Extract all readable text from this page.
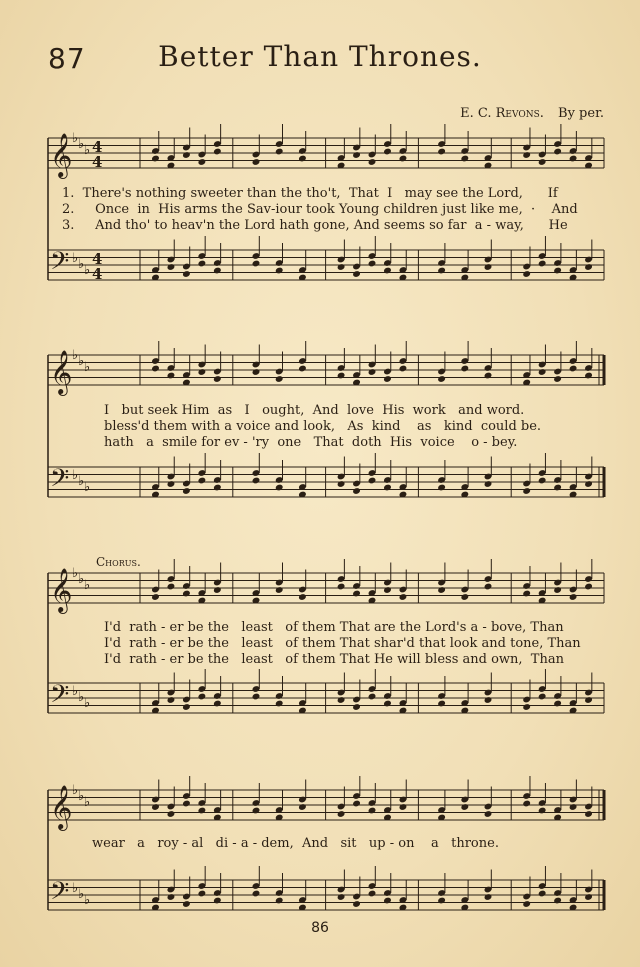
87	Better Than Thrones.
E. C. Revons. By per.
𝄞
𝄢
♭
♭
♭
♭
♭
♭
4
4
4
4
𝄞
𝄢
♭
♭
♭
♭
♭
♭
𝄞
𝄢
♭
♭
♭
♭
♭
♭
𝄞
𝄢
♭
♭
♭
♭
♭
♭
1.  There's nothing sweeter than the tho't,  That  I   may see the Lord,      If
2.     Once  in  His arms the Sav-iour took Young children just like me,  ·    And
3.     And tho' to heav'n the Lord hath gone, And seems so far  a - way,      He
I   but seek Him  as   I   ought,  And  love  His  work   and word.
bless'd them with a voice and look,   As  kind    as   kind  could be.
hath   a  smile for ev - 'ry  one   That  doth  His  voice    o - bey.
Chorus.
I'd  rath - er be the   least   of them That are the Lord's a - bove, Than
I'd  rath - er be the   least   of them That shar'd that look and tone, Than
I'd  rath - er be the   least   of them That He will bless and own,  Than
wear   a   roy - al   di - a - dem,  And   sit   up - on    a   throne.
86
